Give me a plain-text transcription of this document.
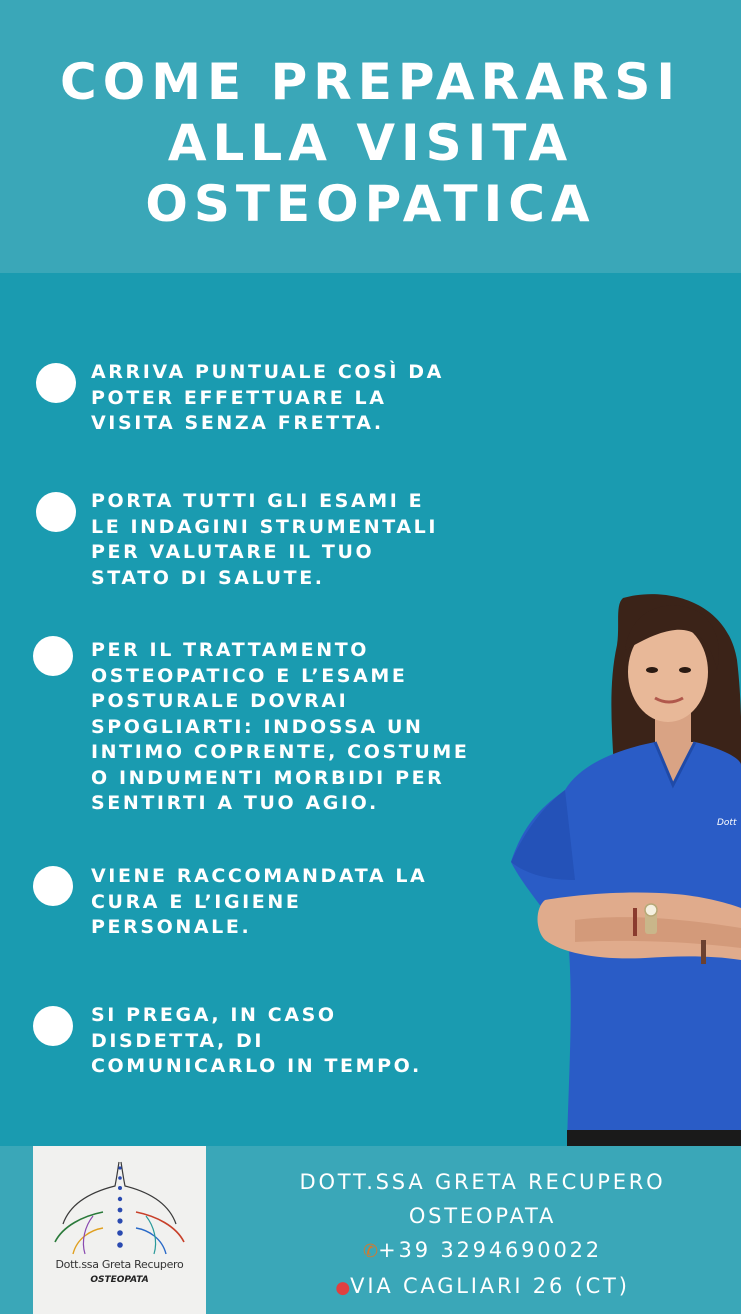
COME PREPARARSI
ALLA VISITA
OSTEOPATICA
Dott
ARRIVA PUNTUALE COSÌ DA
POTER EFFETTUARE LA
VISITA SENZA FRETTA.
PORTA TUTTI GLI ESAMI E
LE INDAGINI STRUMENTALI
PER VALUTARE IL TUO
STATO DI SALUTE.
PER IL TRATTAMENTO
OSTEOPATICO E L’ESAME
POSTURALE DOVRAI
SPOGLIARTI: INDOSSA UN
INTIMO COPRENTE, COSTUME
O INDUMENTI MORBIDI PER
SENTIRTI A TUO AGIO.
VIENE RACCOMANDATA LA
CURA E L’IGIENE
PERSONALE.
SI PREGA, IN CASO
DISDETTA, DI
COMUNICARLO IN TEMPO.
Dott.ssa Greta Recupero
OSTEOPATA
DOTT.SSA GRETA RECUPERO
OSTEOPATA
✆+39 3294690022
●VIA CAGLIARI 26 (CT)
